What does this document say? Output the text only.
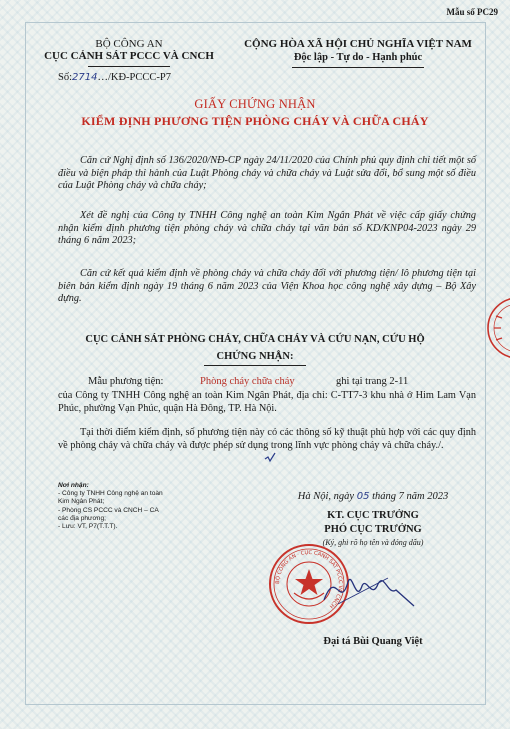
Mẫu số PC29
BỘ CÔNG AN
CỤC CẢNH SÁT PCCC VÀ CNCH
Số:2714…/KĐ-PCCC-P7
CỘNG HÒA XÃ HỘI CHỦ NGHĨA VIỆT NAM
Độc lập - Tự do - Hạnh phúc
GIẤY CHỨNG NHẬN
KIỂM ĐỊNH PHƯƠNG TIỆN PHÒNG CHÁY VÀ CHỮA CHÁY
Căn cứ Nghị định số 136/2020/NĐ-CP ngày 24/11/2020 của Chính phủ quy định chi tiết một số điều và biện pháp thi hành của Luật Phòng cháy và chữa cháy và Luật sửa đổi, bổ sung một số điều của Luật Phòng cháy và chữa cháy;
Xét đề nghị của Công ty TNHH Công nghệ an toàn Kim Ngân Phát về việc cấp giấy chứng nhận kiểm định phương tiện phòng cháy và chữa cháy tại văn bản số KD/KNP04-2023 ngày 29 tháng 6 năm 2023;
Căn cứ kết quả kiểm định về phòng cháy và chữa cháy đối với phương tiện/ lô phương tiện tại biên bản kiểm định ngày 19 tháng 6 năm 2023 của Viện Khoa học công nghệ xây dựng – Bộ Xây dựng.
CỤC CẢNH SÁT PHÒNG CHÁY, CHỮA CHÁY VÀ CỨU NẠN, CỨU HỘ
CHỨNG NHẬN:
Mẫu phương tiện:	Phòng cháy chữa cháy	ghi tại trang 2-11
của Công ty TNHH Công nghệ an toàn Kim Ngân Phát, địa chỉ: C-TT7-3 khu nhà ở Him Lam Vạn Phúc, phường Vạn Phúc, quận Hà Đông, TP. Hà Nội.
Tại thời điểm kiểm định, số phương tiện này có các thông số kỹ thuật phù hợp với các quy định về phòng cháy và chữa cháy và được phép sử dụng trong lĩnh vực phòng cháy và chữa cháy./.
Nơi nhận:
- Công ty TNHH Công nghệ an toàn
Kim Ngân Phát;
- Phòng CS PCCC và CNCH – CA
các địa phương;
- Lưu: VT, P7(T.T.T).
Hà Nội, ngày 05 tháng 7 năm 2023
KT. CỤC TRƯỞNG
PHÓ CỤC TRƯỞNG
(Ký, ghi rõ họ tên và đóng dấu)
BỘ CÔNG AN · CỤC CẢNH SÁT PCCC VÀ CNCH
Đại tá Bùi Quang Việt
